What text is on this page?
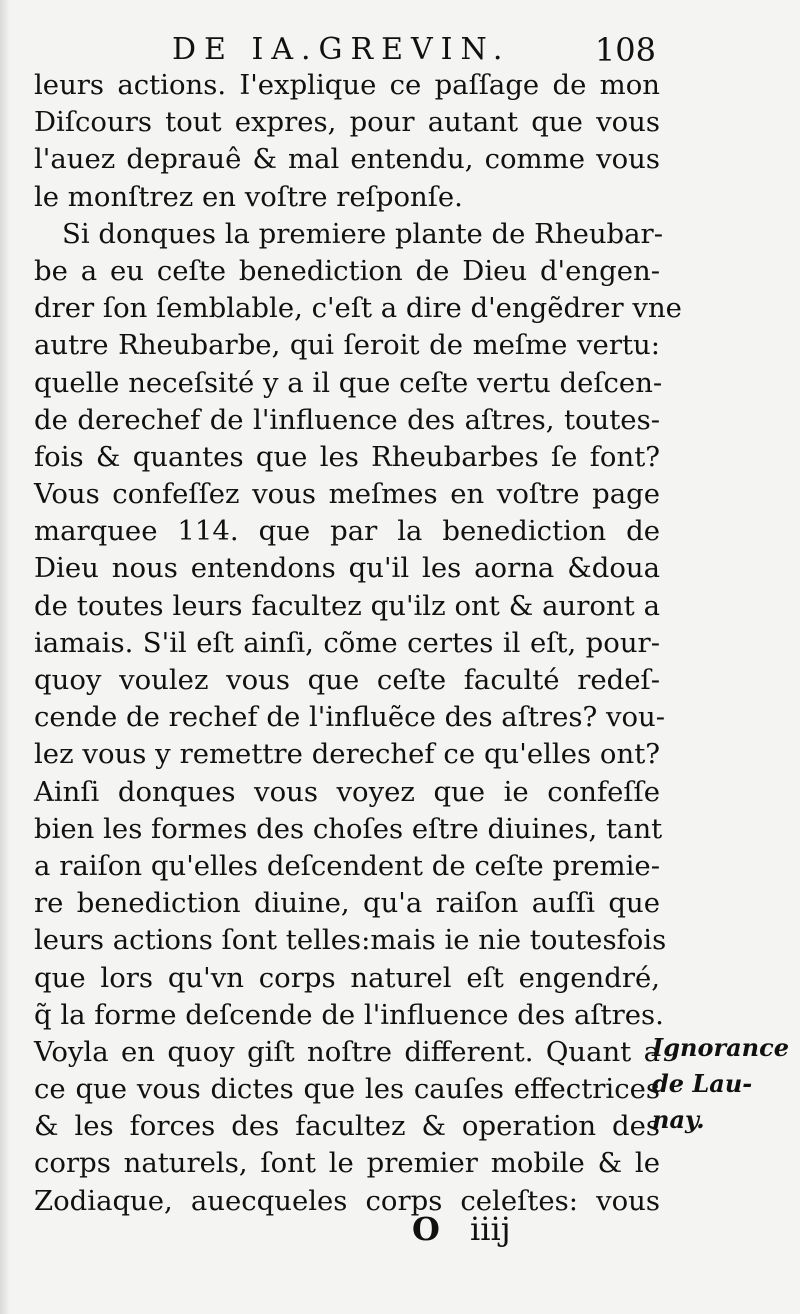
DE IA.GREVIN.	108
leurs actions. I'explique ce paſſage de mon
Diſcours tout expres, pour autant que vous
l'auez deprauê & mal entendu, comme vous
le monſtrez en voſtre reſponſe.
Si donques la premiere plante de Rheubar-
be a eu ceſte benediction de Dieu d'engen-
drer ſon ſemblable, c'eſt a dire d'engẽdrer vne
autre Rheubarbe, qui ſeroit de meſme vertu:
quelle neceſsité y a il que ceſte vertu deſcen-
de derechef de l'influence des aſtres, toutes-
fois & quantes que les Rheubarbes ſe font?
Vous confeſſez vous meſmes en voſtre page
marquee 114. que par la benediction de
Dieu nous entendons qu'il les aorna &doua
de toutes leurs facultez qu'ilz ont & auront a
iamais. S'il eſt ainſi, cõme certes il eſt, pour-
quoy voulez vous que ceſte faculté redeſ-
cende de rechef de l'influẽce des aſtres? vou-
lez vous y remettre derechef ce qu'elles ont?
Ainſi donques vous voyez que ie confeſſe
bien les formes des choſes eſtre diuines, tant
a raiſon qu'elles deſcendent de ceſte premie-
re benediction diuine, qu'a raiſon auſſi que
leurs actions ſont telles:mais ie nie toutesfois
que lors qu'vn corps naturel eſt engendré,
q̃ la forme deſcende de l'influence des aſtres.
Voyla en quoy giſt noſtre different. Quant a
ce que vous dictes que les cauſes effectrices
& les forces des facultez & operation des
corps naturels, ſont le premier mobile & le
Zodiaque, auecqueles corps celeſtes: vous
Ignorance
de Lau-
nay.
O iiij
